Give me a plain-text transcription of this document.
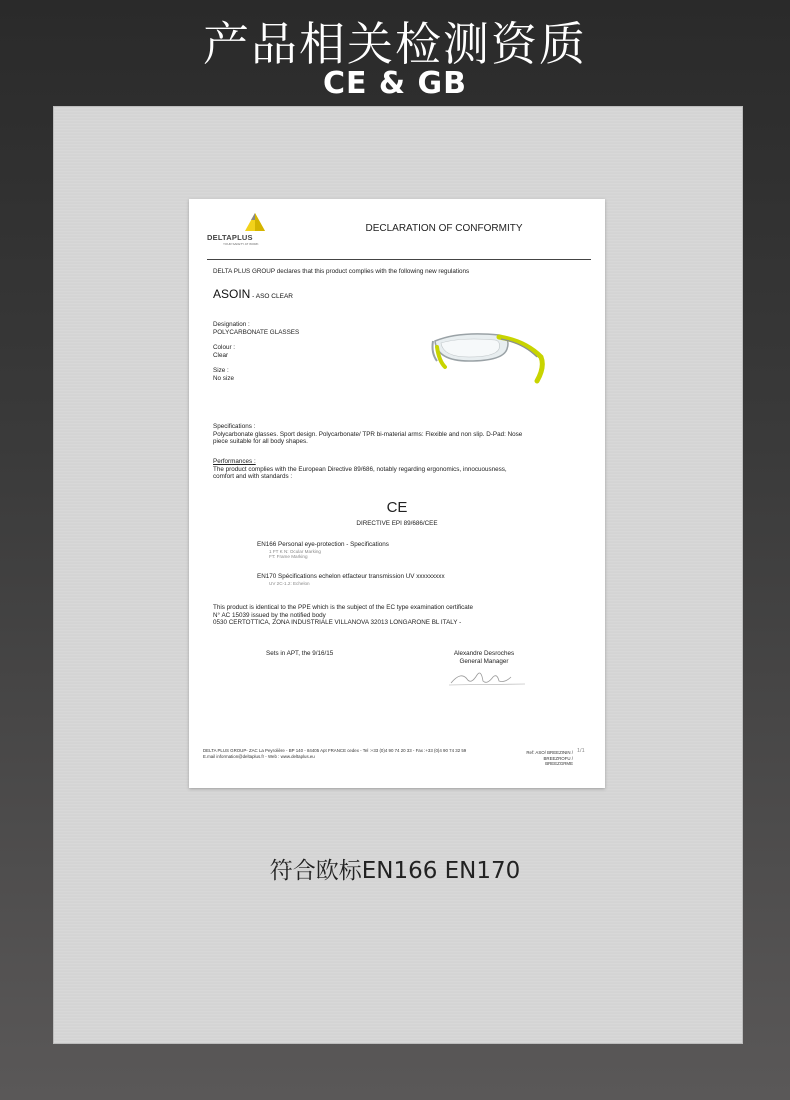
产品相关检测资质
CE & GB
DELTAPLUS
YOUR SAFETY AT WORK
DECLARATION OF CONFORMITY
DELTA PLUS GROUP declares that this product complies with the following new regulations
ASOIN - ASO CLEAR
Designation :
POLYCARBONATE GLASSES
Colour :
Clear
Size :
No size
Specifications :
Polycarbonate glasses. Sport design. Polycarbonate/ TPR bi-material arms: Flexible and non slip. D-Pad: Nose
piece suitable for all body shapes.
Performances :
The product complies with the European Directive 89/686, notably regarding ergonomics, innocuousness,
comfort and with standards :
CE
DIRECTIVE EPI 89/686/CEE
EN166 Personal eye-protection - Specifications
1 FT K N: Ocular Marking
FT: Frame Marking
EN170 Spécifications echelon etfacteur transmission UV xxxxxxxxx
UV 2C-1.2: Echelon
This product is identical to the PPE which is the subject of the EC type examination certificate
N° AC 15039 issued by the notified body
0530 CERTOTTICA, ZONA INDUSTRIALE VILLANOVA 32013 LONGARONE BL ITALY -
Sets in APT, the 9/16/15	Alexandre Desroches
General Manager
DELTA PLUS GROUP- ZAC La Peyrolière - BP 140 - 84405 Apt FRANCE cedex - Tel :+33 (0)4 90 74 20 33 - Fax :+33 (0)4 90 74 32 59
E.mail information@deltaplus.fr - Web : www.deltaplus.eu
Ref: ASO/ BREEZININ /
BREEZROFU /
BREEZGRME
1/1
符合欧标EN166 EN170
